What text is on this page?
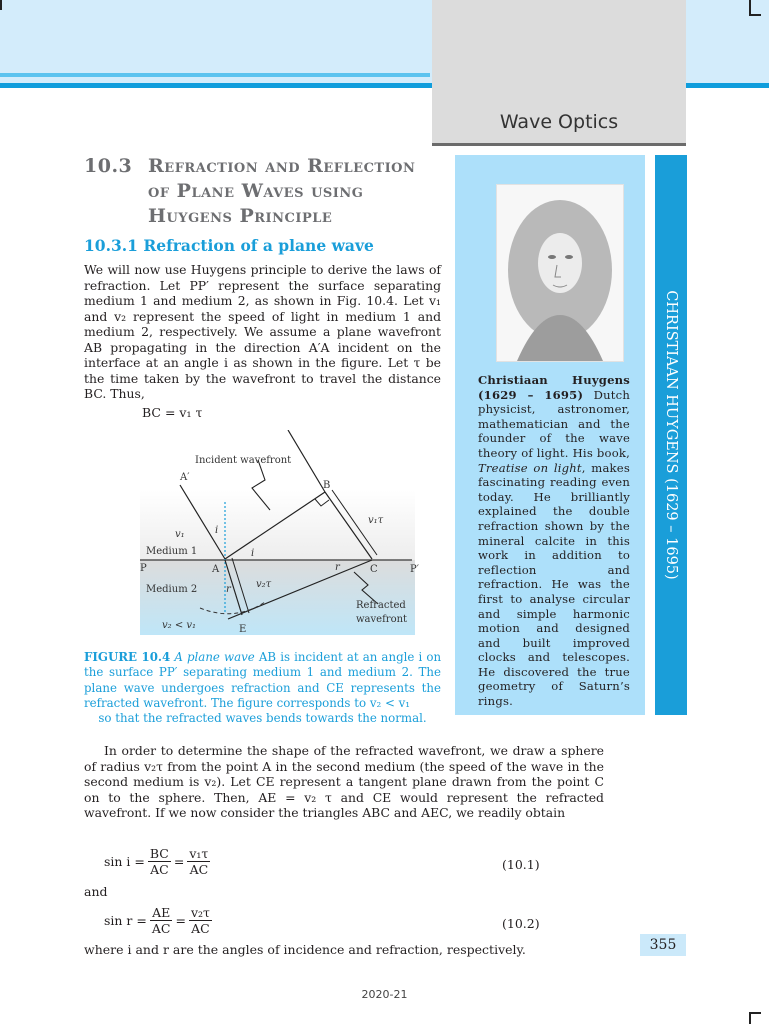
Wave Optics
10.3 Refraction and Reflection of Plane Waves using Huygens Principle
10.3.1 Refraction of a plane wave
We will now use Huygens principle to derive the laws of refraction. Let PP′ represent the surface separating medium 1 and medium 2, as shown in Fig. 10.4. Let v₁ and v₂ represent the speed of light in medium 1 and medium 2, respectively. We assume a plane wavefront AB propagating in the direction A′A incident on the interface at an angle i as shown in the figure. Let τ be the time taken by the wavefront to travel the distance BC. Thus,
BC = v₁ τ
Incident wavefront
A′
B
v₁	i
i
Medium 1
P	A	r	C	P′
Medium 2	r	v₂τ
v₁τ
E
Refracted
wavefront
v₂ < v₁
FIGURE 10.4 A plane wave AB is incident at an angle i on the surface PP′ separating medium 1 and medium 2. The plane wave undergoes refraction and CE represents the refracted wavefront. The figure corresponds to v₂ < v₁
so that the refracted waves bends towards the normal.
Christiaan Huygens (1629 – 1695) Dutch physicist, astronomer, mathematician and the founder of the wave theory of light. His book, Treatise on light, makes fascinating reading even today. He brilliantly explained the double refraction shown by the mineral calcite in this work in addition to reflection and refraction. He was the first to analyse circular and simple harmonic motion and designed and built improved clocks and telescopes. He discovered the true geometry of Saturn’s rings.
CHRISTIAAN HUYGENS (1629 – 1695)
In order to determine the shape of the refracted wavefront, we draw a sphere of radius v₂τ from the point A in the second medium (the speed of the wave in the second medium is v₂). Let CE represent a tangent plane drawn from the point C on to the sphere. Then, AE = v₂ τ and CE would represent the refracted wavefront. If we now consider the triangles ABC and AEC, we readily obtain
$\sin i = \frac{BC}{AC} = \frac{\text{v₁τ}}{AC}$	(10.1)
and
$\sin r = \frac{AE}{AC} = \frac{\text{v₂τ}}{AC}$	(10.2)
where i and r are the angles of incidence and refraction, respectively.	355
2020-21
